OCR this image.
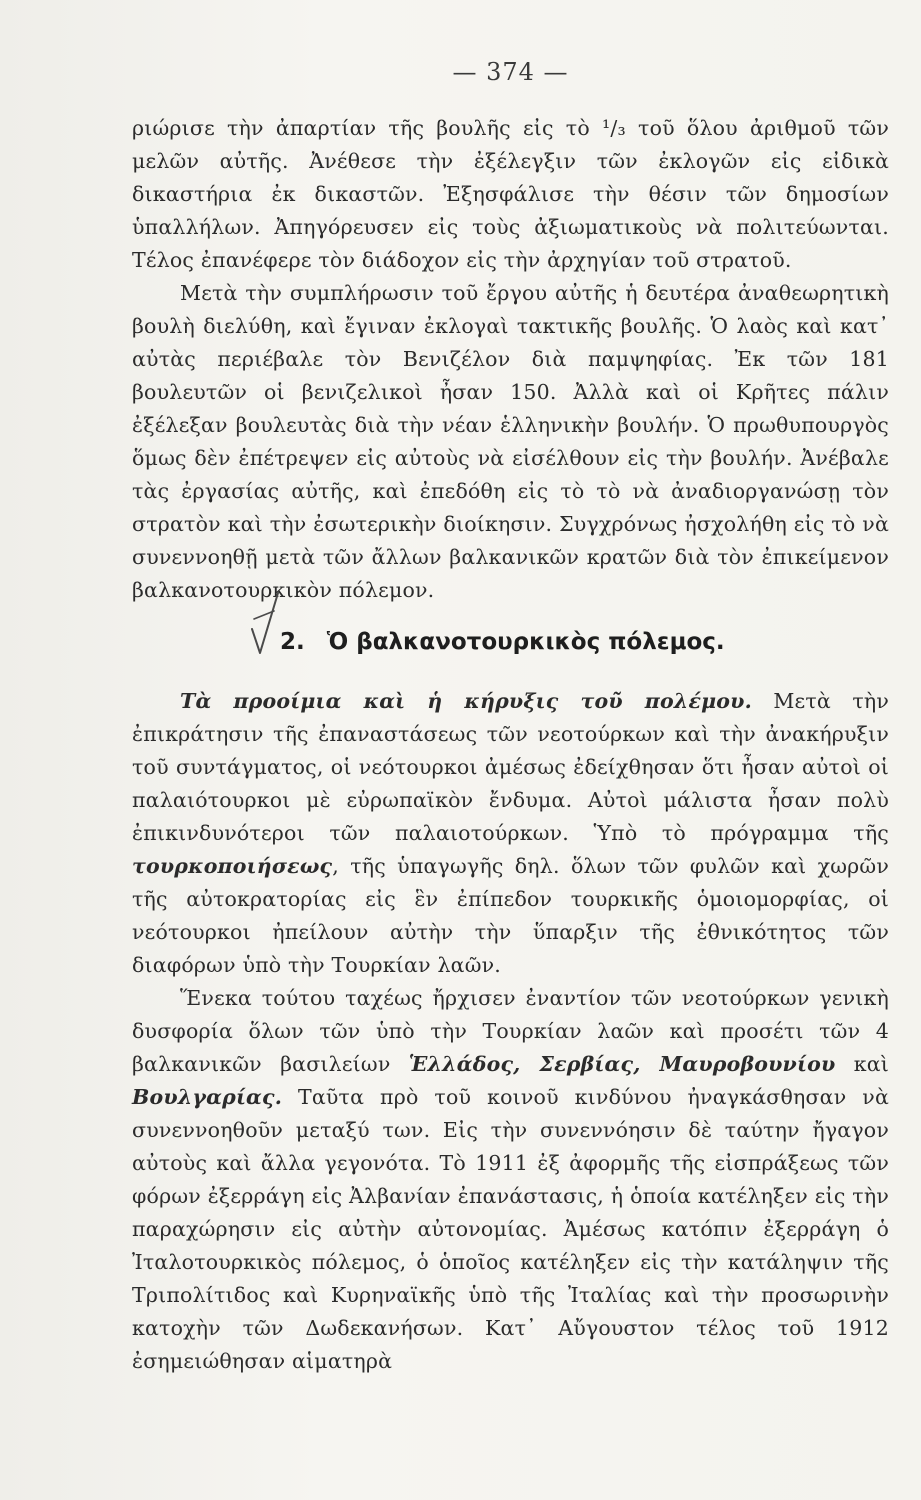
— 374 —

ριώρισε τὴν ἀπαρτίαν τῆς βουλῆς εἰς τὸ ¹/₃ τοῦ ὅλου ἀριθμοῦ τῶν μελῶν αὐτῆς. Ἀνέθεσε τὴν ἐξέλεγξιν τῶν ἐκλογῶν εἰς εἰδικὰ δικαστήρια ἐκ δικαστῶν. Ἐξησφάλισε τὴν θέσιν τῶν δημοσίων ὑπαλλήλων. Ἀπηγόρευσεν εἰς τοὺς ἀξιωματικοὺς νὰ πολιτεύωνται. Τέλος ἐπανέφερε τὸν διάδοχον εἰς τὴν ἀρχηγίαν τοῦ στρατοῦ.

Μετὰ τὴν συμπλήρωσιν τοῦ ἔργου αὐτῆς ἡ δευτέρα ἀναθεωρητικὴ βουλὴ διελύθη, καὶ ἔγιναν ἐκλογαὶ τακτικῆς βουλῆς. Ὁ λαὸς καὶ κατ᾽ αὐτὰς περιέβαλε τὸν Βενιζέλον διὰ παμψηφίας. Ἐκ τῶν 181 βουλευτῶν οἱ βενιζελικοὶ ἦσαν 150. Ἀλλὰ καὶ οἱ Κρῆτες πάλιν ἐξέλεξαν βουλευτὰς διὰ τὴν νέαν ἑλληνικὴν βουλήν. Ὁ πρωθυπουργὸς ὅμως δὲν ἐπέτρεψεν εἰς αὐτοὺς νὰ εἰσέλθουν εἰς τὴν βουλήν. Ἀνέβαλε τὰς ἐργασίας αὐτῆς, καὶ ἐπεδόθη εἰς τὸ τὸ νὰ ἀναδιοργανώσῃ τὸν στρατὸν καὶ τὴν ἐσωτερικὴν διοίκησιν. Συγχρόνως ἠσχολήθη εἰς τὸ νὰ συνεννοηθῇ μετὰ τῶν ἄλλων βαλκανικῶν κρατῶν διὰ τὸν ἐπικείμενον βαλκανοτουρκικὸν πόλεμον.

2. Ὁ βαλκανοτουρκικὸς πόλεμος.

Τὰ προοίμια καὶ ἡ κήρυξις τοῦ πολέμου. Μετὰ τὴν ἐπικράτησιν τῆς ἐπαναστάσεως τῶν νεοτούρκων καὶ τὴν ἀνακήρυξιν τοῦ συντάγματος, οἱ νεότουρκοι ἀμέσως ἐδείχθησαν ὅτι ἦσαν αὐτοὶ οἱ παλαιότουρκοι μὲ εὐρωπαϊκὸν ἔνδυμα. Αὐτοὶ μάλιστα ἦσαν πολὺ ἐπικινδυνότεροι τῶν παλαιοτούρκων. Ὑπὸ τὸ πρόγραμμα τῆς τουρκοποιήσεως, τῆς ὑπαγωγῆς δηλ. ὅλων τῶν φυλῶν καὶ χωρῶν τῆς αὐτοκρατορίας εἰς ἓν ἐπίπεδον τουρκικῆς ὁμοιομορφίας, οἱ νεότουρκοι ἠπείλουν αὐτὴν τὴν ὕπαρξιν τῆς ἐθνικότητος τῶν διαφόρων ὑπὸ τὴν Τουρκίαν λαῶν.

Ἕνεκα τούτου ταχέως ἤρχισεν ἐναντίον τῶν νεοτούρκων γενικὴ δυσφορία ὅλων τῶν ὑπὸ τὴν Τουρκίαν λαῶν καὶ προσέτι τῶν 4 βαλκανικῶν βασιλείων Ἑλλάδος, Σερβίας, Μαυροβουνίου καὶ Βουλγαρίας. Ταῦτα πρὸ τοῦ κοινοῦ κινδύνου ἠναγκάσθησαν νὰ συνεννοηθοῦν μεταξύ των. Εἰς τὴν συνεννόησιν δὲ ταύτην ἤγαγον αὐτοὺς καὶ ἄλλα γεγονότα. Τὸ 1911 ἐξ ἀφορμῆς τῆς εἰσπράξεως τῶν φόρων ἐξερράγη εἰς Ἀλβανίαν ἐπανάστασις, ἡ ὁποία κατέληξεν εἰς τὴν παραχώρησιν εἰς αὐτὴν αὐτονομίας. Ἀμέσως κατόπιν ἐξερράγη ὁ Ἰταλοτουρκικὸς πόλεμος, ὁ ὁποῖος κατέληξεν εἰς τὴν κατάληψιν τῆς Τριπολίτιδος καὶ Κυρηναϊκῆς ὑπὸ τῆς Ἰταλίας καὶ τὴν προσωρινὴν κατοχὴν τῶν Δωδεκανήσων. Κατ᾽ Αὔγουστον τέλος τοῦ 1912 ἐσημειώθησαν αἱματηρὰ
